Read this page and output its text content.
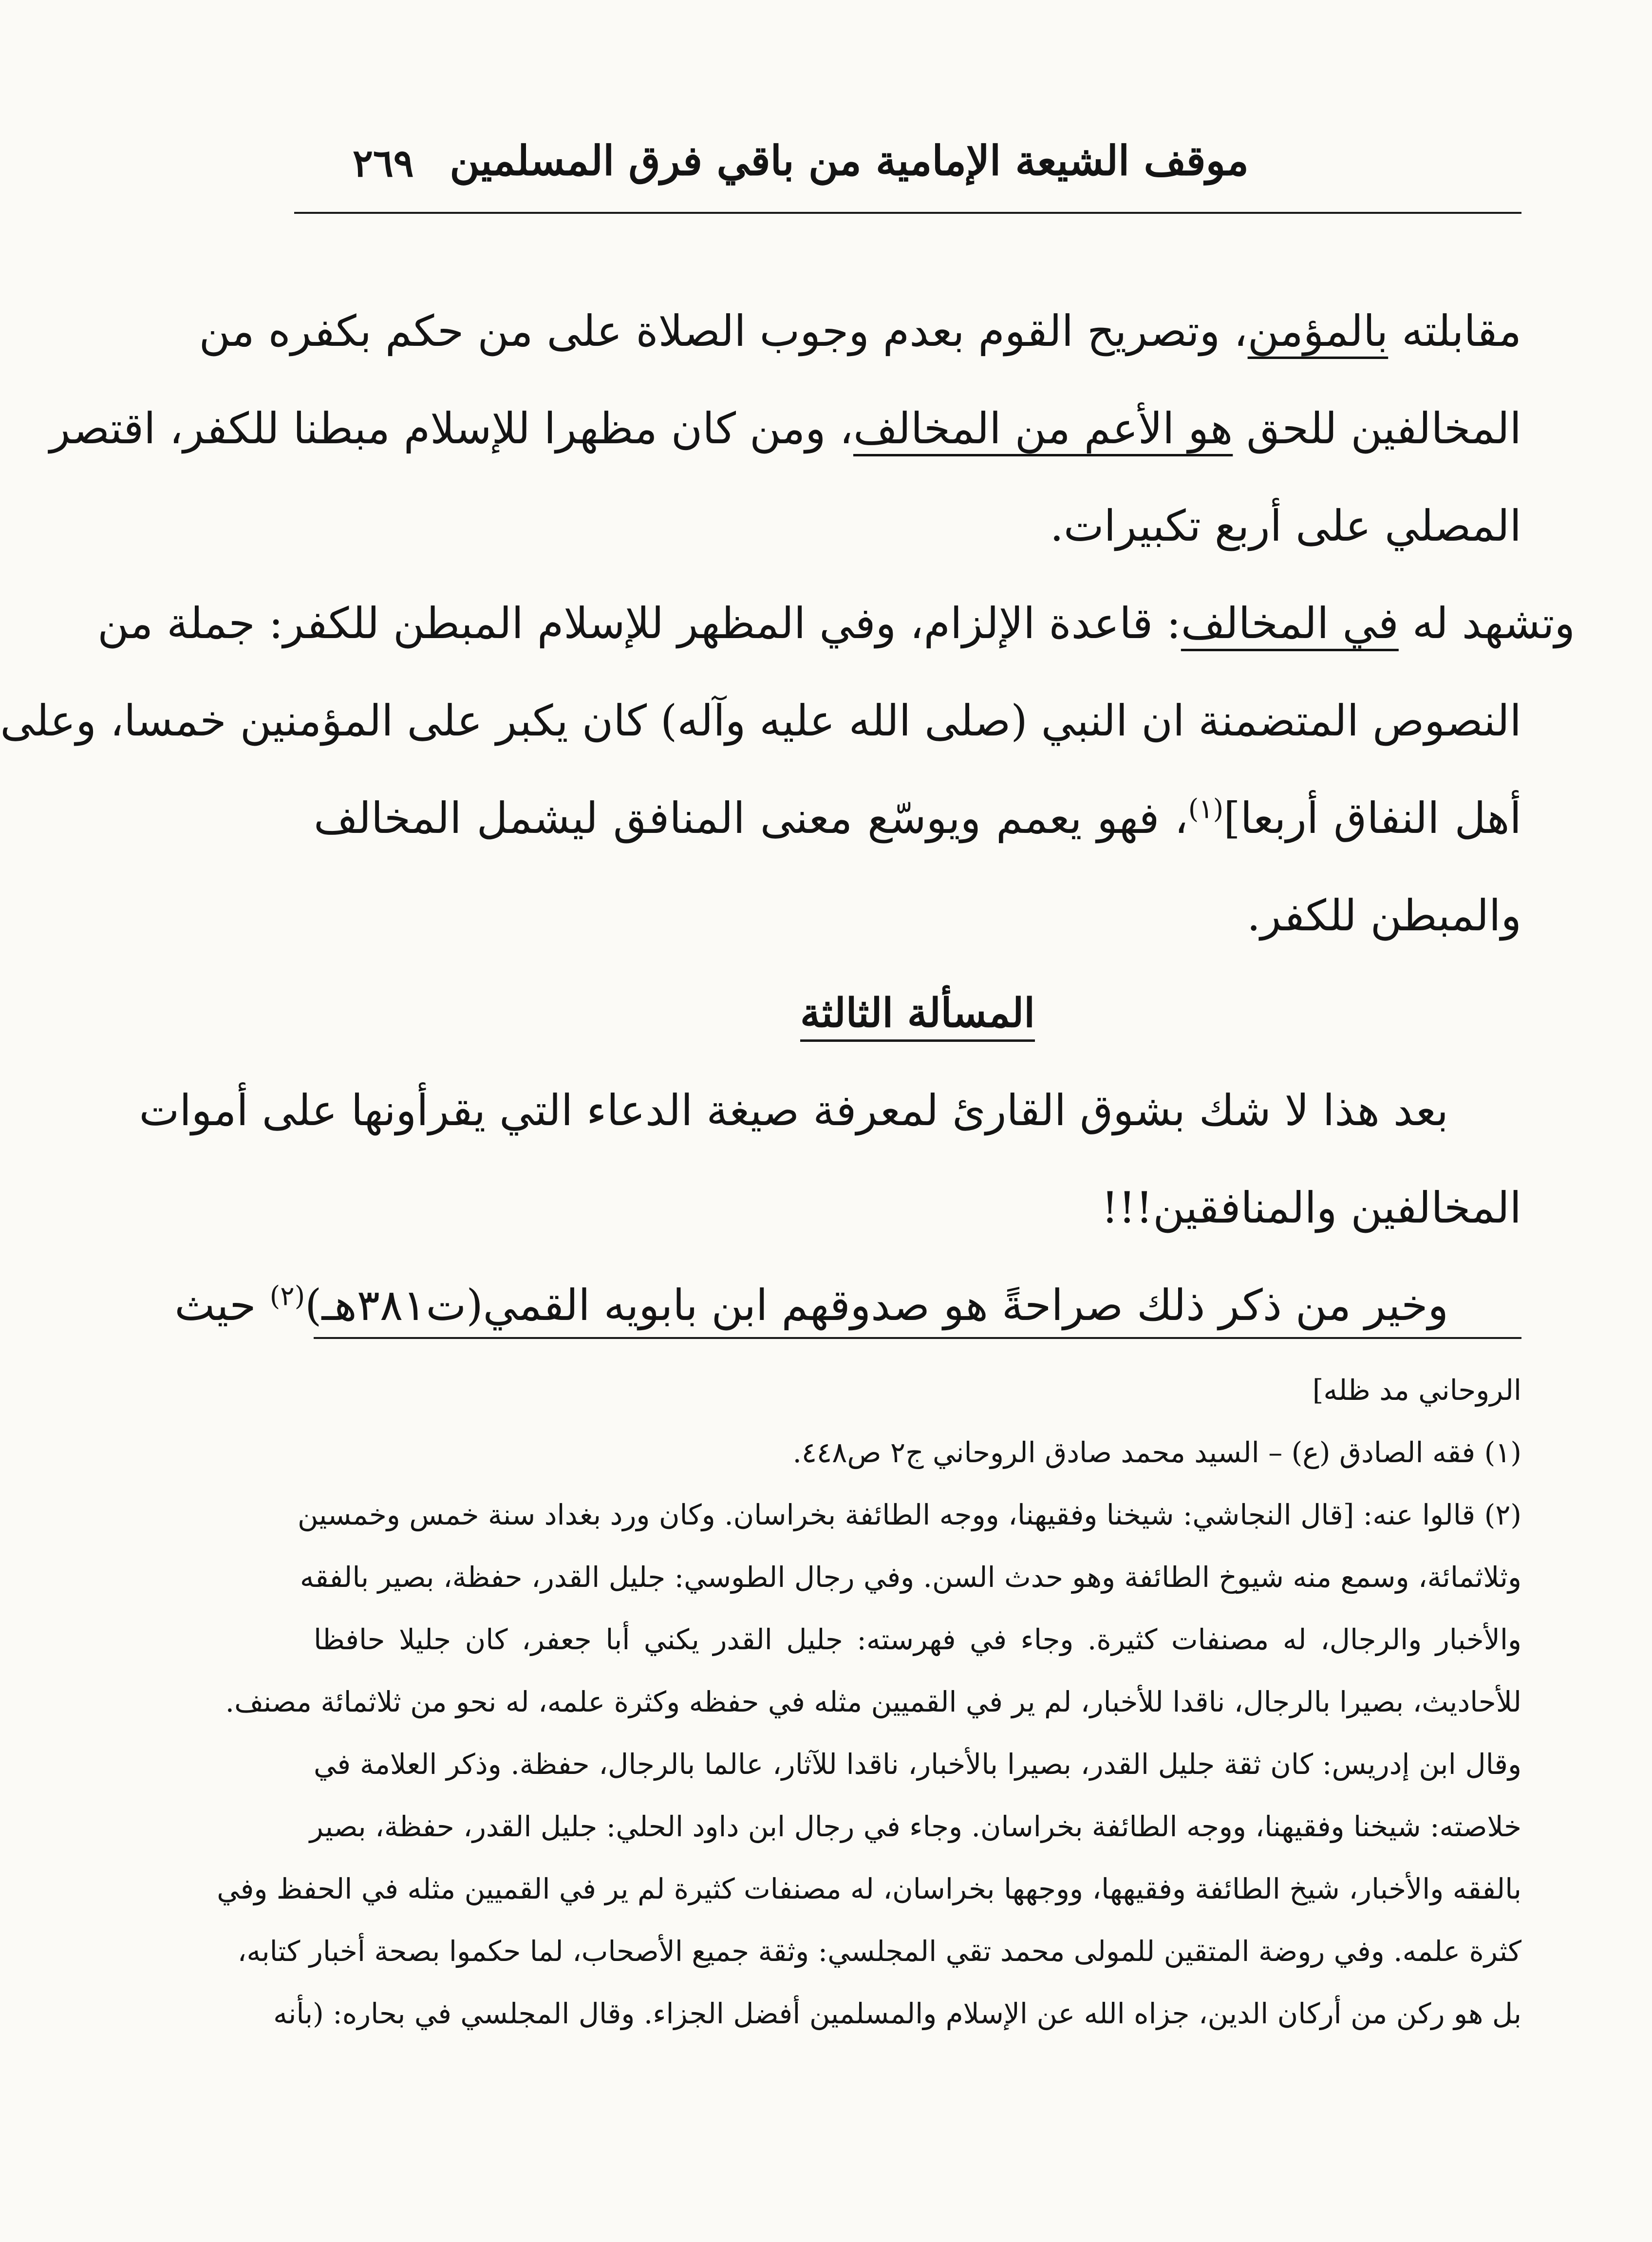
موقف الشيعة الإمامية من باقي فرق المسلمين
٢٦٩
مقابلته بالمؤمن، وتصريح القوم بعدم وجوب الصلاة على من حكم بكفره من
المخالفين للحق هو الأعم من المخالف، ومن كان مظهرا للإسلام مبطنا للكفر، اقتصر
المصلي على أربع تكبيرات.
وتشهد له في المخالف: قاعدة الإلزام، وفي المظهر للإسلام المبطن للكفر: جملة من
النصوص المتضمنة ان النبي (صلى الله عليه وآله) كان يكبر على المؤمنين خمسا، وعلى
أهل النفاق أربعا]$^{(١)}$، فهو يعمم ويوسّع معنى المنافق ليشمل المخالف
والمبطن للكفر.
المسألة الثالثة
بعد هذا لا شك بشوق القارئ لمعرفة صيغة الدعاء التي يقرأونها على أموات
المخالفين والمنافقين!!!
وخير من ذكر ذلك صراحةً هو صدوقهم ابن بابويه القمي(ت٣٨١هـ)$^{(٢)}$ حيث
الروحاني مد ظله]
(١) فقه الصادق (ع) – السيد محمد صادق الروحاني ج٢ ص٤٤٨.
(٢) قالوا عنه: [قال النجاشي: شيخنا وفقيهنا، ووجه الطائفة بخراسان. وكان ورد بغداد سنة خمس وخمسين
وثلاثمائة، وسمع منه شيوخ الطائفة وهو حدث السن. وفي رجال الطوسي: جليل القدر، حفظة، بصير بالفقه
والأخبار والرجال، له مصنفات كثيرة. وجاء في فهرسته: جليل القدر يكني أبا جعفر، كان جليلا حافظا
للأحاديث، بصيرا بالرجال، ناقدا للأخبار، لم ير في القميين مثله في حفظه وكثرة علمه، له نحو من ثلاثمائة مصنف.
وقال ابن إدريس: كان ثقة جليل القدر، بصيرا بالأخبار، ناقدا للآثار، عالما بالرجال، حفظة. وذكر العلامة في
خلاصته: شيخنا وفقيهنا، ووجه الطائفة بخراسان. وجاء في رجال ابن داود الحلي: جليل القدر، حفظة، بصير
بالفقه والأخبار، شيخ الطائفة وفقيهها، ووجهها بخراسان، له مصنفات كثيرة لم ير في القميين مثله في الحفظ وفي
كثرة علمه. وفي روضة المتقين للمولى محمد تقي المجلسي: وثقة جميع الأصحاب، لما حكموا بصحة أخبار كتابه،
بل هو ركن من أركان الدين، جزاه الله عن الإسلام والمسلمين أفضل الجزاء. وقال المجلسي في بحاره: (بأنه
